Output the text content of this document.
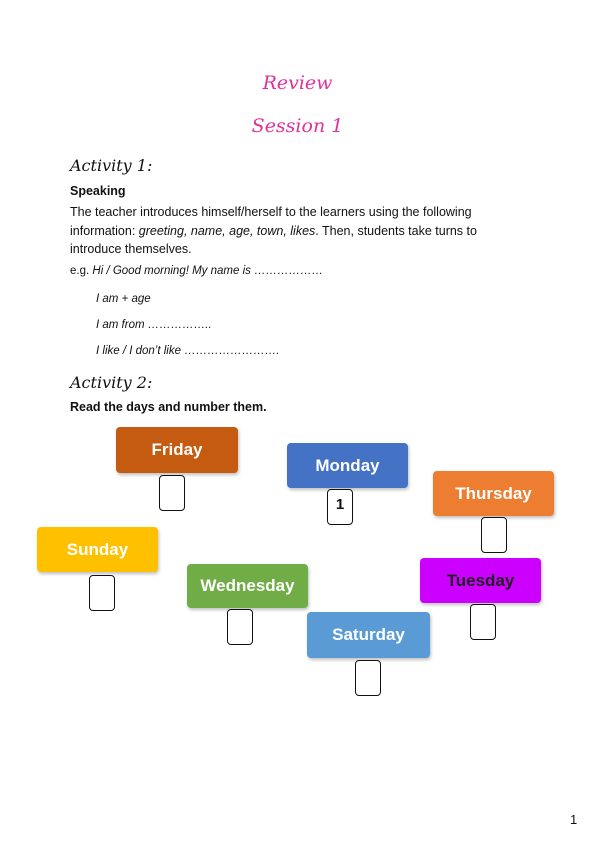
Review
Session 1
Activity 1:
Speaking
The teacher introduces himself/herself to the learners using the following information: greeting, name, age, town, likes. Then, students take turns to introduce themselves.
e.g. Hi / Good morning! My name is ………………
I am + age
I am from ……………..
I like / I don’t like …………………….
Activity 2:
Read the days and number them.
Friday
Monday
1
Thursday
Sunday
Wednesday	Tuesday
Saturday
1
